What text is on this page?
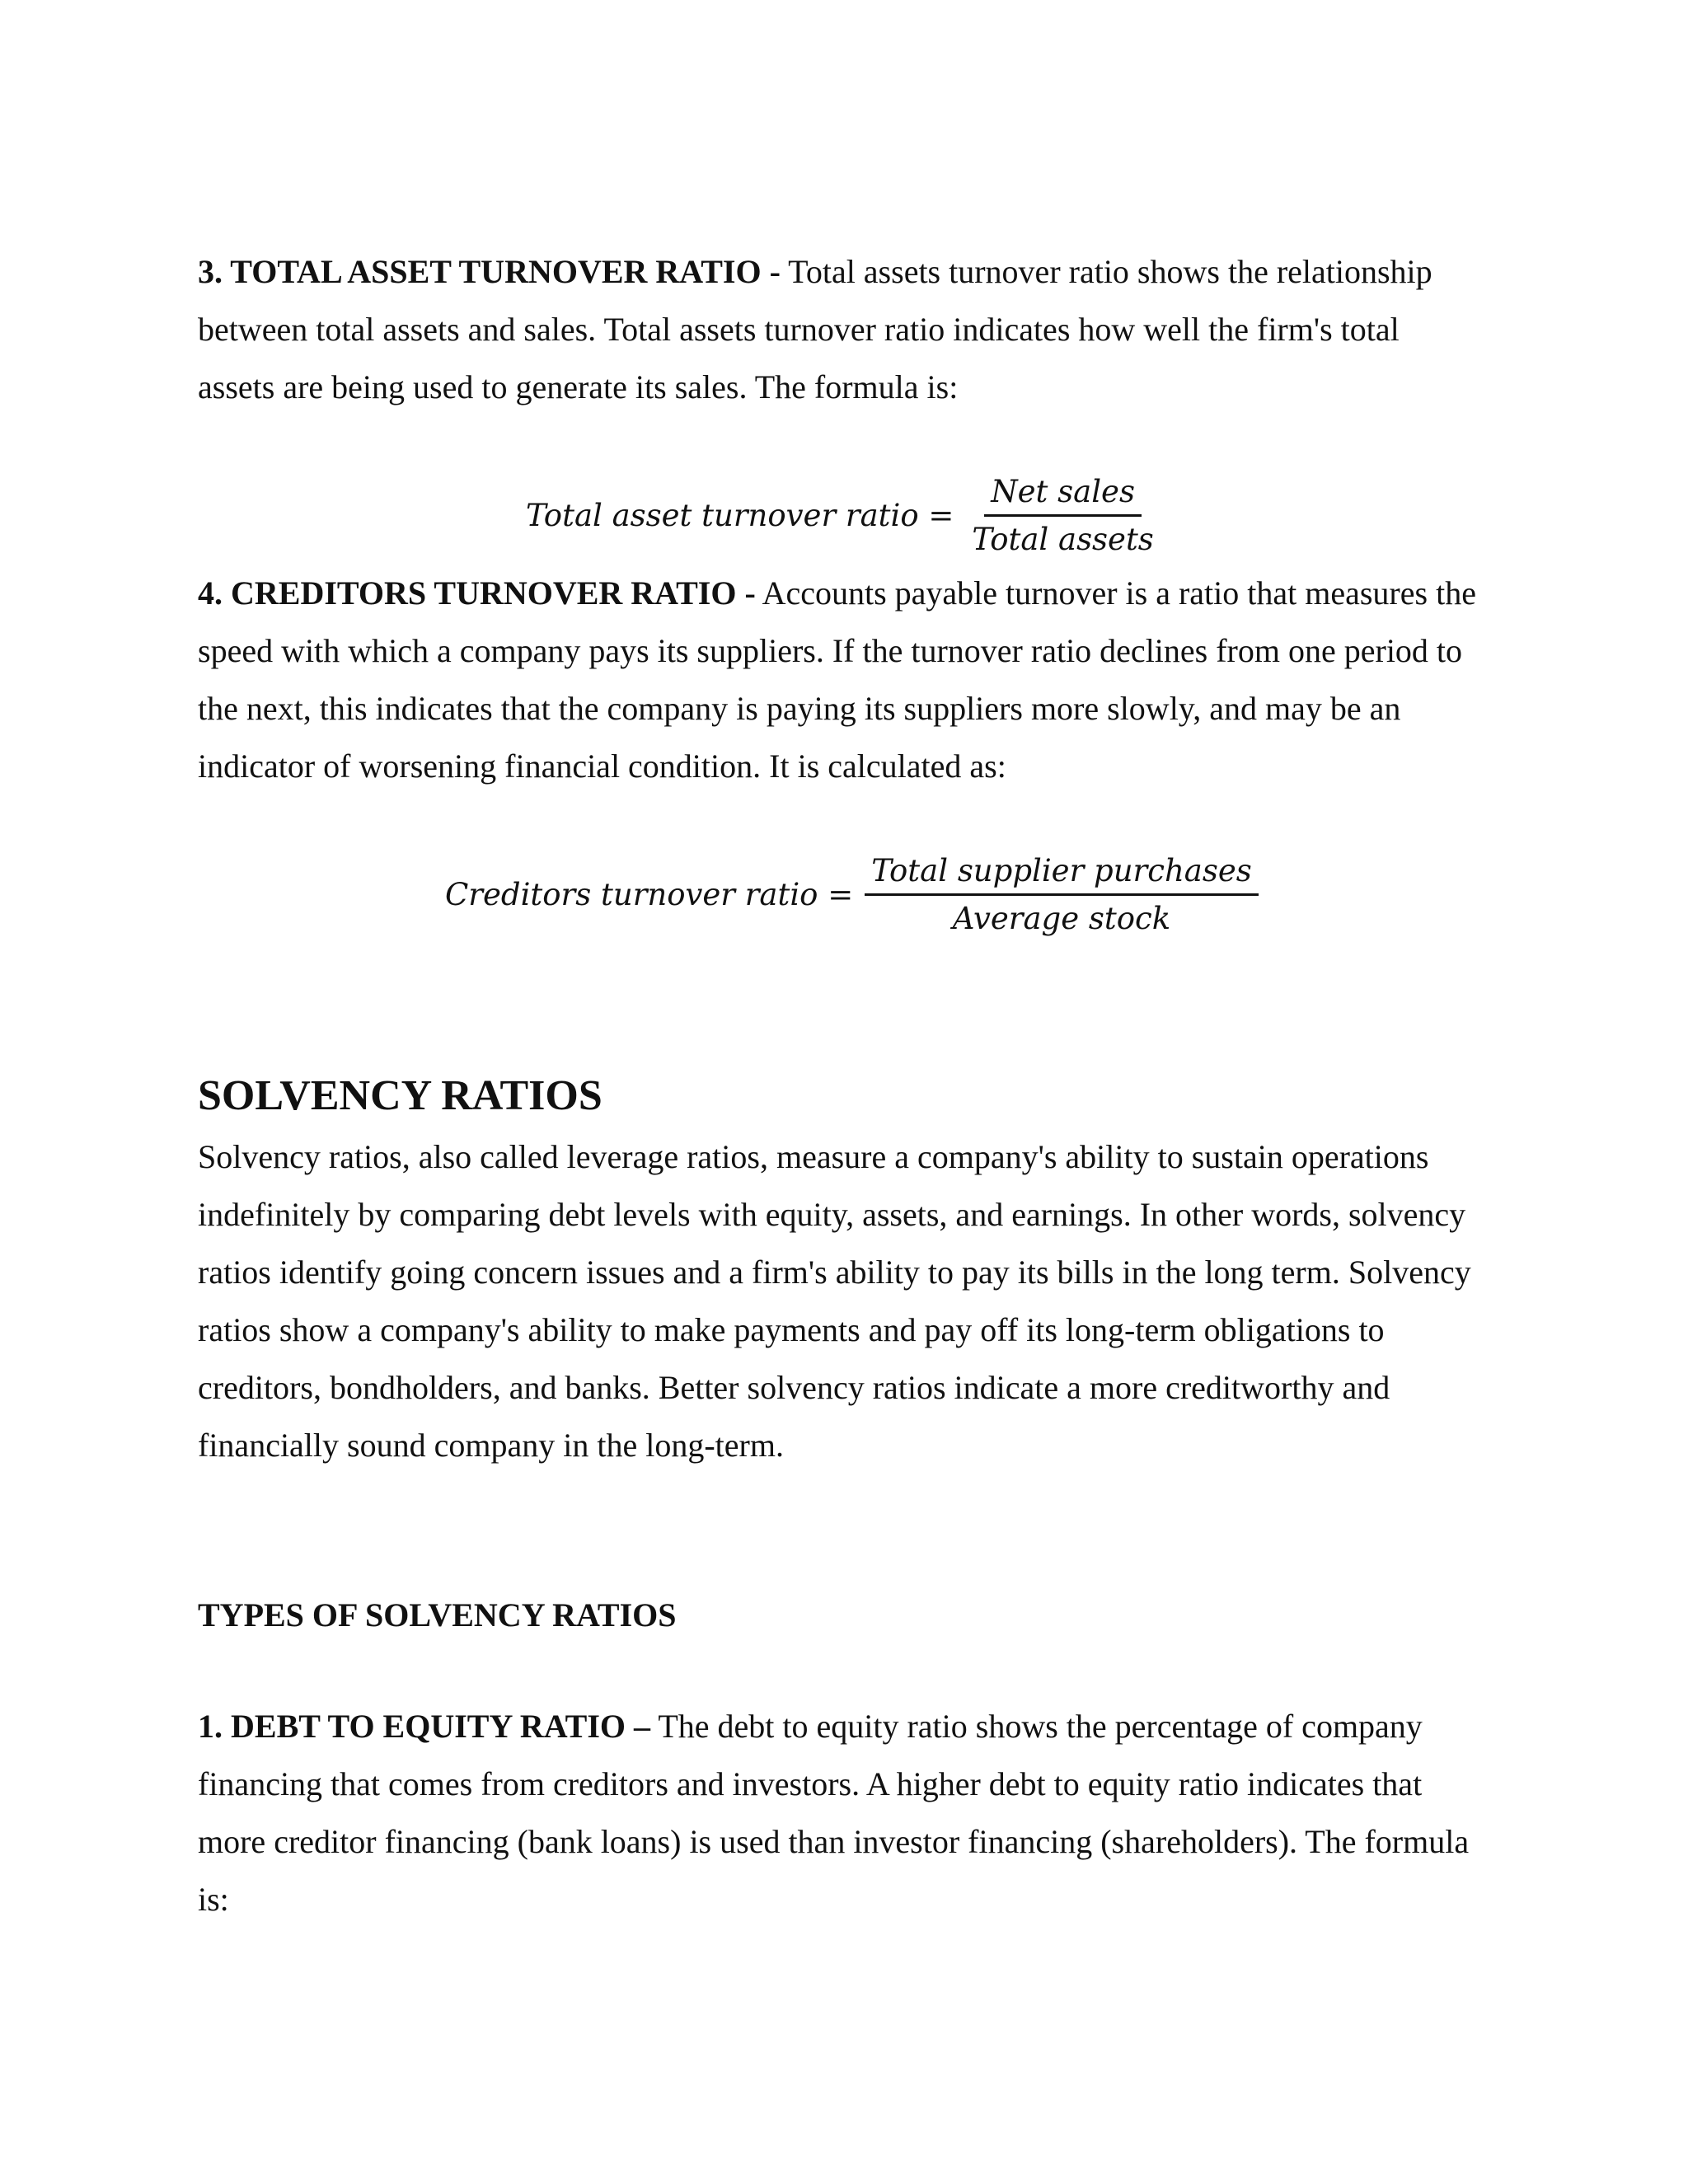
3. TOTAL ASSET TURNOVER RATIO - Total assets turnover ratio shows the relationship between total assets and sales. Total assets turnover ratio indicates how well the firm's total assets are being used to generate its sales. The formula is:

Total asset turnover ratio = $\frac{\text{Net sales}}{\text{Total assets}}$

4. CREDITORS TURNOVER RATIO - Accounts payable turnover is a ratio that measures the speed with which a company pays its suppliers. If the turnover ratio declines from one period to the next, this indicates that the company is paying its suppliers more slowly, and may be an indicator of worsening financial condition. It is calculated as:

Creditors turnover ratio = $\frac{\text{Total supplier purchases}}{\text{Average stock}}$
SOLVENCY RATIOS

Solvency ratios, also called leverage ratios, measure a company's ability to sustain operations indefinitely by comparing debt levels with equity, assets, and earnings. In other words, solvency ratios identify going concern issues and a firm's ability to pay its bills in the long term. Solvency ratios show a company's ability to make payments and pay off its long-term obligations to creditors, bondholders, and banks. Better solvency ratios indicate a more creditworthy and financially sound company in the long-term.

TYPES OF SOLVENCY RATIOS

1. DEBT TO EQUITY RATIO – The debt to equity ratio shows the percentage of company financing that comes from creditors and investors. A higher debt to equity ratio indicates that more creditor financing (bank loans) is used than investor financing (shareholders). The formula is:
